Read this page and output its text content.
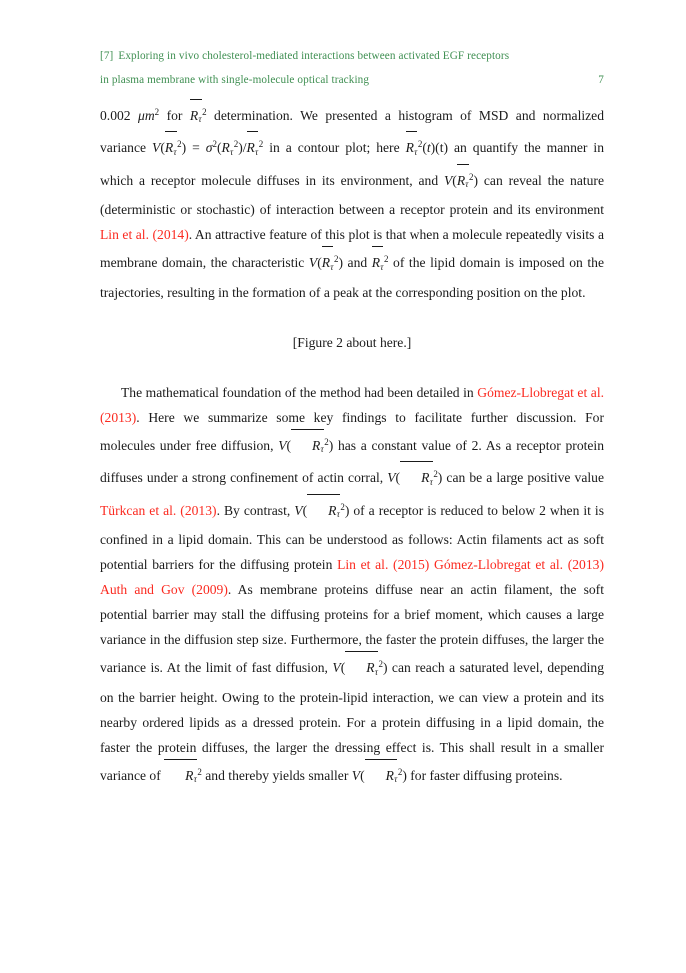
[7] Exploring in vivo cholesterol-mediated interactions between activated EGF receptors
in plasma membrane with single-molecule optical tracking	7

0.002 $\mu m^2$ for
$R_\tau^2$ determination. We presented a histogram of MSD and normalized variance V(
$R_\tau^2) = \sigma^2(R_\tau^2)/$
$R_\tau^2$ in a contour plot; here
$R_\tau^2(t)(t)$ an quantify the manner in which a receptor molecule diffuses in its environment, and V(
$R_\tau^2$) can reveal the nature (deterministic or stochastic) of interaction between a receptor protein and its environment Lin et al. (2014). An attractive feature of this plot is that when a molecule repeatedly visits a membrane domain, the characteristic V(
$R_\tau^2$) and
$R_\tau^2$ of the lipid domain is imposed on the trajectories, resulting in the formation of a peak at the corresponding position on the plot.

[Figure 2 about here.]

The mathematical foundation of the method had been detailed in Gómez-Llobregat et al. (2013). Here we summarize some key findings to facilitate further discussion. For molecules under free diffusion, V( $R_\tau^2$) has a constant value of 2. As a receptor protein diffuses under a strong confinement of actin corral, V( $R_\tau^2$) can be a large positive value Türkcan et al. (2013). By contrast, V( $R_\tau^2$) of a receptor is reduced to below 2 when it is confined in a lipid domain. This can be understood as follows: Actin filaments act as soft potential barriers for the diffusing protein Lin et al. (2015) Gómez-Llobregat et al. (2013) Auth and Gov (2009). As membrane proteins diffuse near an actin filament, the soft potential barrier may stall the diffusing proteins for a brief moment, which causes a large variance in the diffusion step size. Furthermore, the faster the protein diffuses, the larger the variance is. At the limit of fast diffusion, V( $R_\tau^2$) can reach a saturated level, depending on the barrier height. Owing to the protein-lipid interaction, we can view a protein and its nearby ordered lipids as a dressed protein. For a protein diffusing in a lipid domain, the faster the protein diffuses, the larger the dressing effect is. This shall result in a smaller variance of
$R_\tau^2$ and thereby yields smaller V( $R_\tau^2$) for faster diffusing proteins.
